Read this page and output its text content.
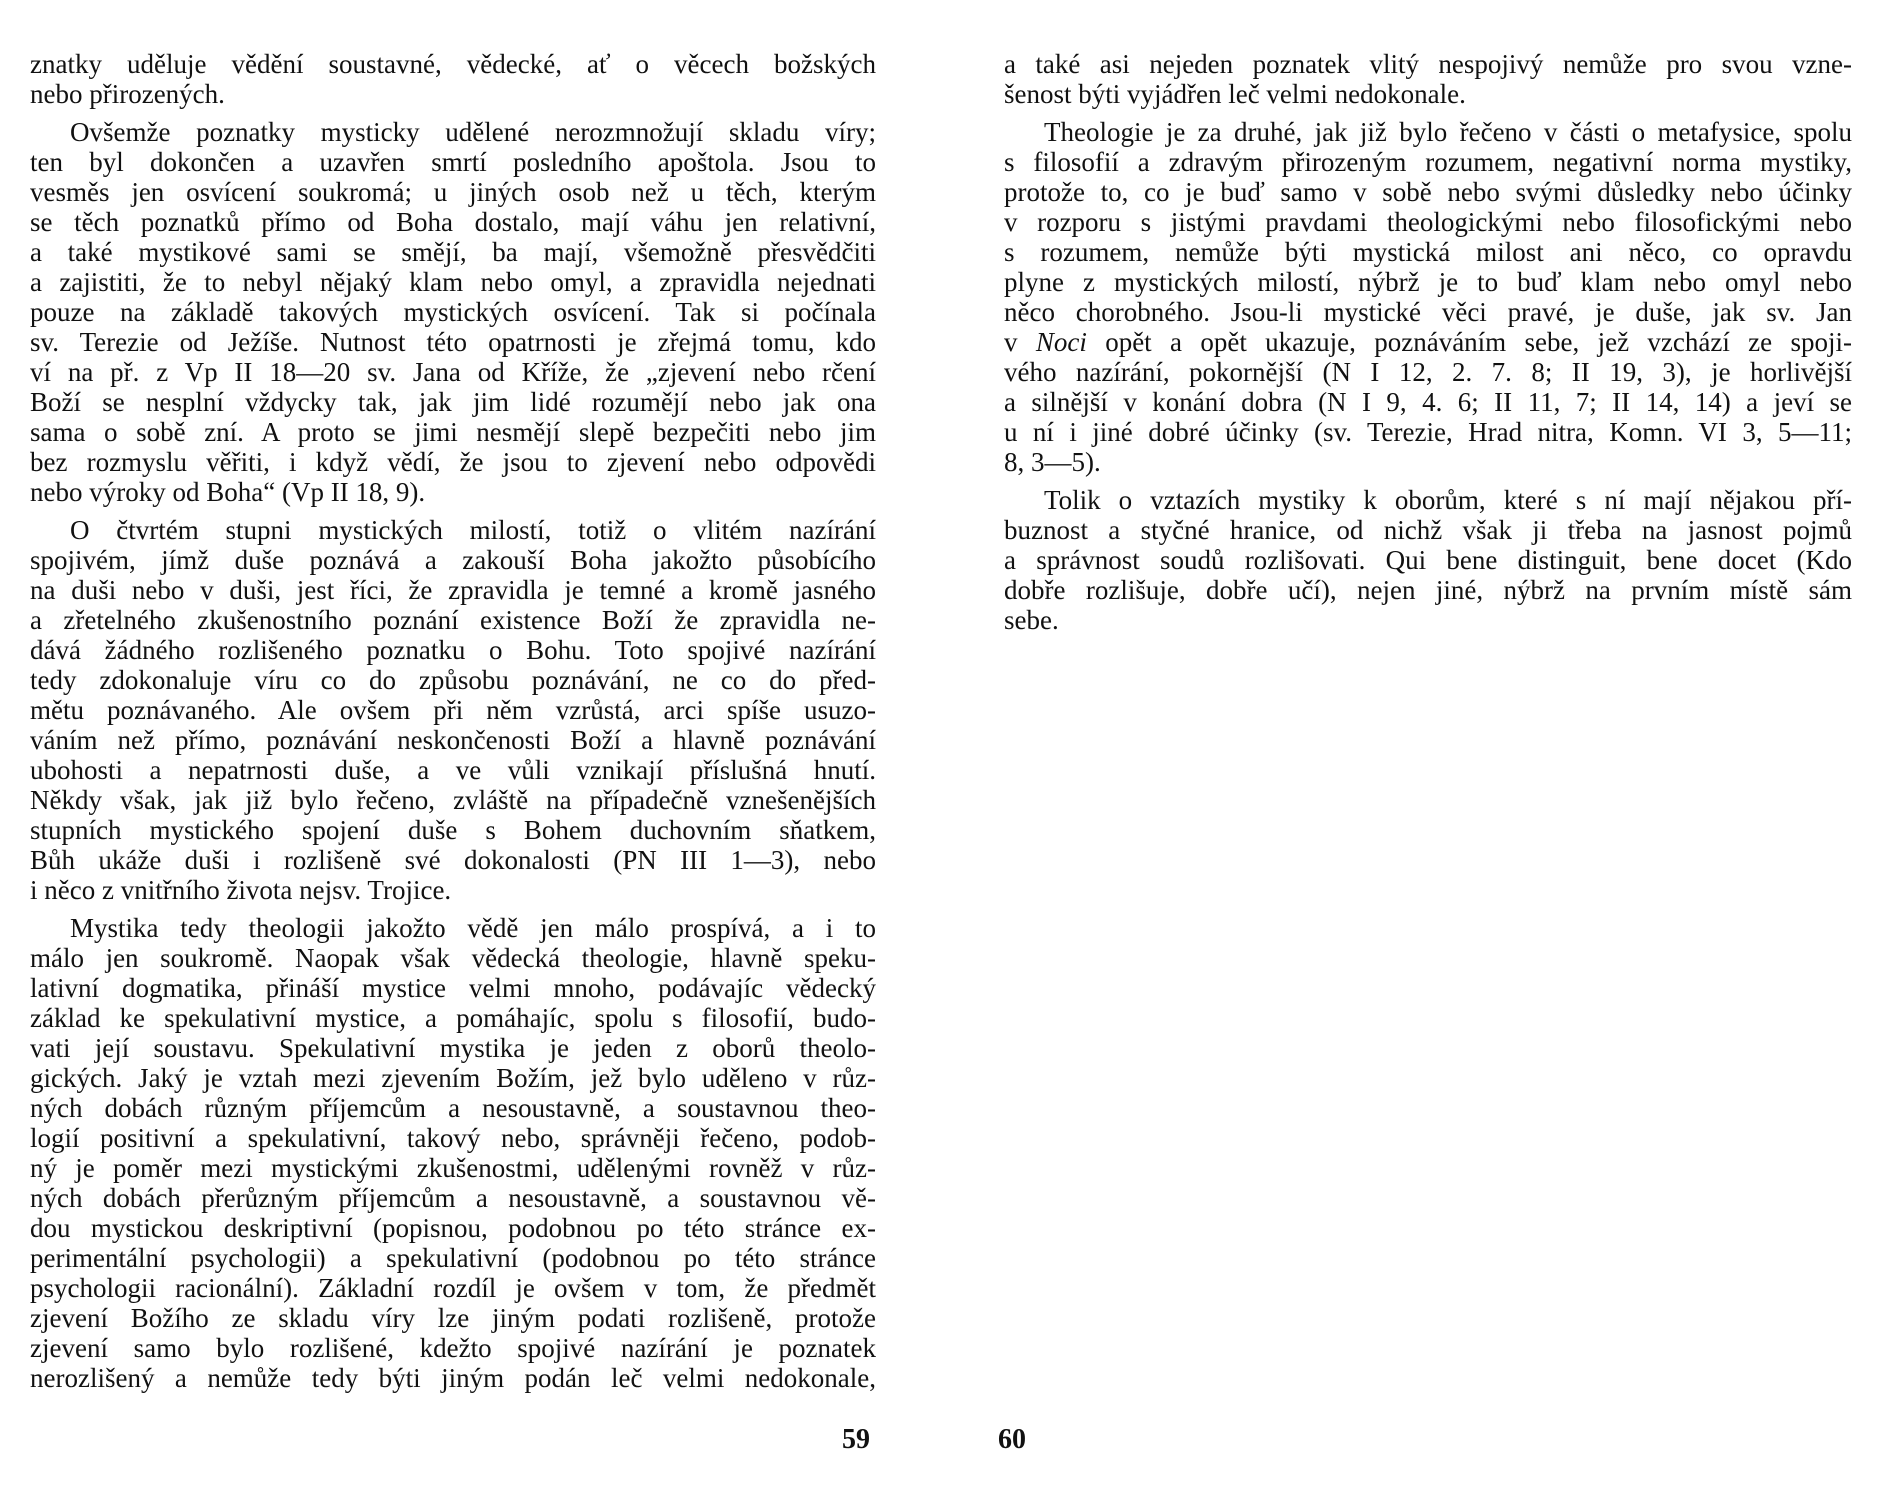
znatky uděluje vědění soustavné, vědecké, ať o věcech božských
nebo přirozených.
Ovšemže poznatky mysticky udělené nerozmnožují skladu víry;
ten byl dokončen a uzavřen smrtí posledního apoštola. Jsou to
vesměs jen osvícení soukromá; u jiných osob než u těch, kterým
se těch poznatků přímo od Boha dostalo, mají váhu jen relativní,
a také mystikové sami se smějí, ba mají, všemožně přesvědčiti
a zajistiti, že to nebyl nějaký klam nebo omyl, a zpravidla nejednati
pouze na základě takových mystických osvícení. Tak si počínala
sv. Terezie od Ježíše. Nutnost této opatrnosti je zřejmá tomu, kdo
ví na př. z Vp II 18—20 sv. Jana od Kříže, že „zjevení nebo rčení
Boží se nesplní vždycky tak, jak jim lidé rozumějí nebo jak ona
sama o sobě zní. A proto se jimi nesmějí slepě bezpečiti nebo jim
bez rozmyslu věřiti, i když vědí, že jsou to zjevení nebo odpovědi
nebo výroky od Boha“ (Vp II 18, 9).
O čtvrtém stupni mystických milostí, totiž o vlitém nazírání
spojivém, jímž duše poznává a zakouší Boha jakožto působícího
na duši nebo v duši, jest říci, že zpravidla je temné a kromě jasného
a zřetelného zkušenostního poznání existence Boží že zpravidla ne-
dává žádného rozlišeného poznatku o Bohu. Toto spojivé nazírání
tedy zdokonaluje víru co do způsobu poznávání, ne co do před-
mětu poznávaného. Ale ovšem při něm vzrůstá, arci spíše usuzo-
váním než přímo, poznávání neskončenosti Boží a hlavně poznávání
ubohosti a nepatrnosti duše, a ve vůli vznikají příslušná hnutí.
Někdy však, jak již bylo řečeno, zvláště na případečně vznešenějších
stupních mystického spojení duše s Bohem duchovním sňatkem,
Bůh ukáže duši i rozlišeně své dokonalosti (PN III 1—3), nebo
i něco z vnitřního života nejsv. Trojice.
Mystika tedy theologii jakožto vědě jen málo prospívá, a i to
málo jen soukromě. Naopak však vědecká theologie, hlavně speku-
lativní dogmatika, přináší mystice velmi mnoho, podávajíc vědecký
základ ke spekulativní mystice, a pomáhajíc, spolu s filosofií, budo-
vati její soustavu. Spekulativní mystika je jeden z oborů theolo-
gických. Jaký je vztah mezi zjevením Božím, jež bylo uděleno v růz-
ných dobách různým příjemcům a nesoustavně, a soustavnou theo-
logií positivní a spekulativní, takový nebo, správněji řečeno, podob-
ný je poměr mezi mystickými zkušenostmi, udělenými rovněž v růz-
ných dobách přerůzným příjemcům a nesoustavně, a soustavnou vě-
dou mystickou deskriptivní (popisnou, podobnou po této stránce ex-
perimentální psychologii) a spekulativní (podobnou po této stránce
psychologii racionální). Základní rozdíl je ovšem v tom, že předmět
zjevení Božího ze skladu víry lze jiným podati rozlišeně, protože
zjevení samo bylo rozlišené, kdežto spojivé nazírání je poznatek
nerozlišený a nemůže tedy býti jiným podán leč velmi nedokonale,
a také asi nejeden poznatek vlitý nespojivý nemůže pro svou vzne-
šenost býti vyjádřen leč velmi nedokonale.
Theologie je za druhé, jak již bylo řečeno v části o metafysice, spolu
s filosofií a zdravým přirozeným rozumem, negativní norma mystiky,
protože to, co je buď samo v sobě nebo svými důsledky nebo účinky
v rozporu s jistými pravdami theologickými nebo filosofickými nebo
s rozumem, nemůže býti mystická milost ani něco, co opravdu
plyne z mystických milostí, nýbrž je to buď klam nebo omyl nebo
něco chorobného. Jsou-li mystické věci pravé, je duše, jak sv. Jan
v Noci opět a opět ukazuje, poznáváním sebe, jež vzchází ze spoji-
vého nazírání, pokornější (N I 12, 2. 7. 8; II 19, 3), je horlivější
a silnější v konání dobra (N I 9, 4. 6; II 11, 7; II 14, 14) a jeví se
u ní i jiné dobré účinky (sv. Terezie, Hrad nitra, Komn. VI 3, 5—11;
8, 3—5).
Tolik o vztazích mystiky k oborům, které s ní mají nějakou pří-
buznost a styčné hranice, od nichž však ji třeba na jasnost pojmů
a správnost soudů rozlišovati. Qui bene distinguit, bene docet (Kdo
dobře rozlišuje, dobře učí), nejen jiné, nýbrž na prvním místě sám
sebe.
59	60
